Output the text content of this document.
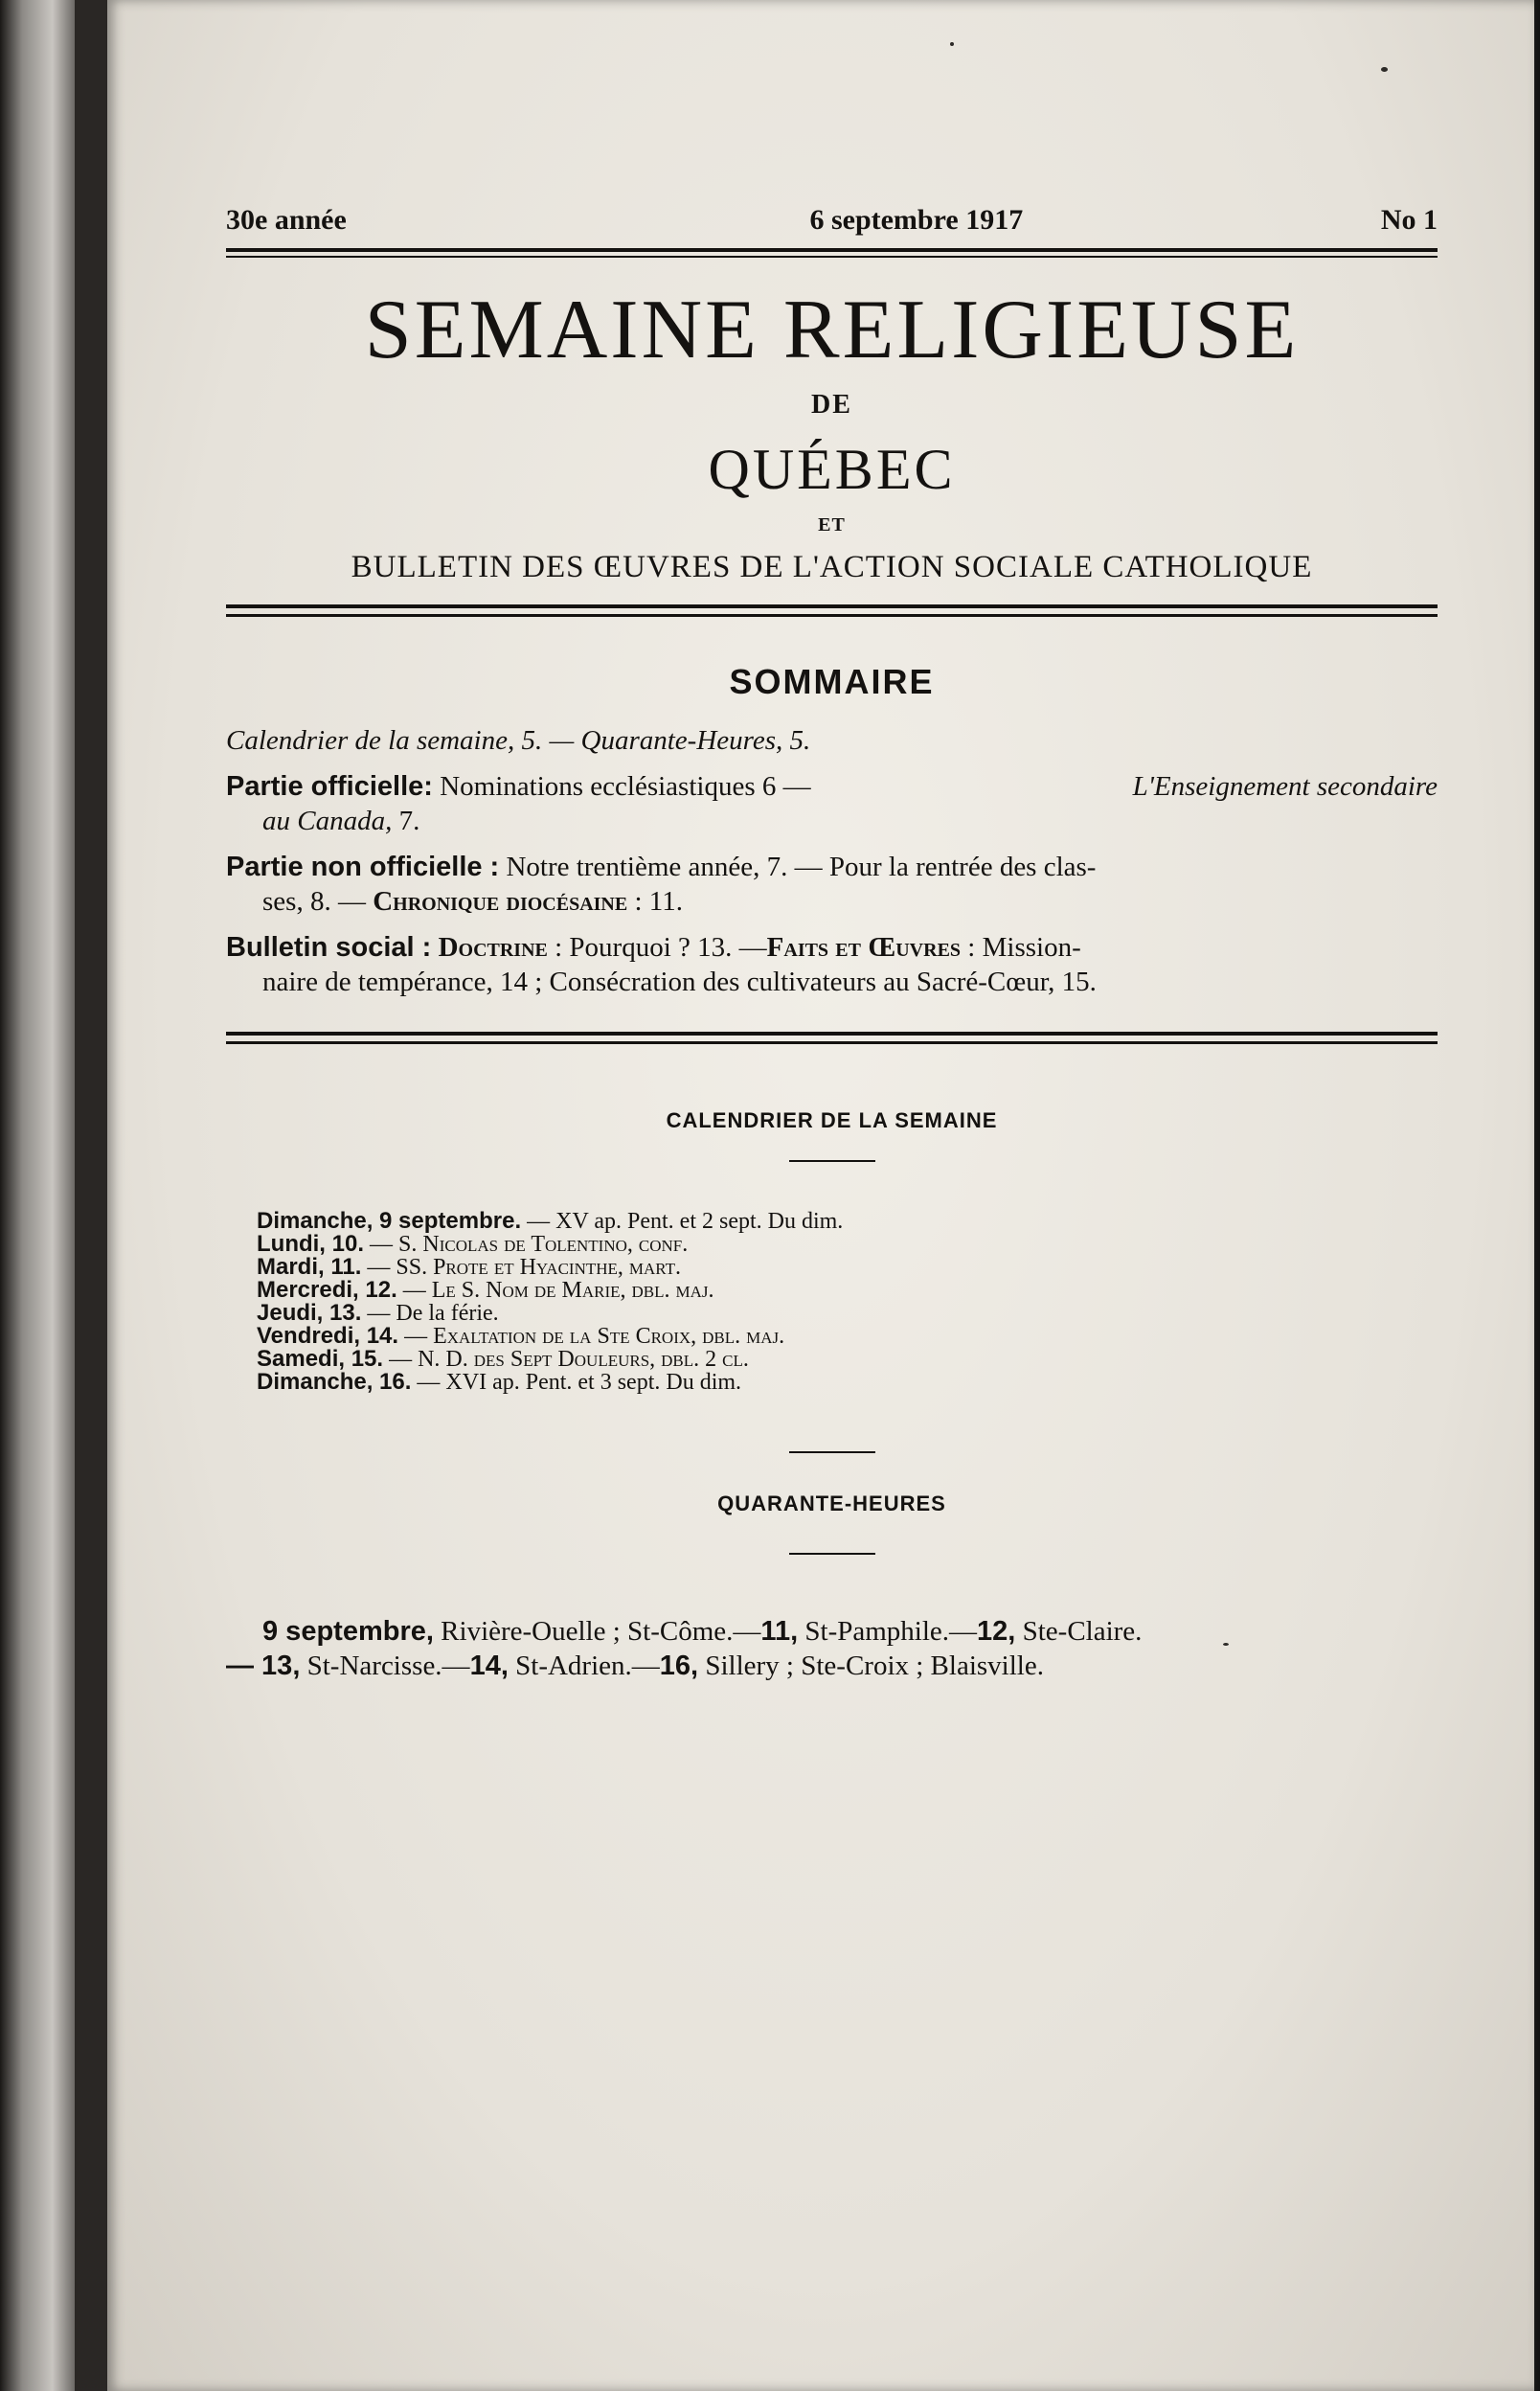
30e année	6 septembre 1917	No 1
SEMAINE RELIGIEUSE
DE
QUÉBEC
ET
BULLETIN DES ŒUVRES DE L'ACTION SOCIALE CATHOLIQUE
SOMMAIRE
Calendrier de la semaine, 5. — Quarante-Heures, 5.
Partie officielle: Nominations ecclésiastiques 6 —	L'Enseignement secondaire
au Canada, 7.
Partie non officielle : Notre trentième année, 7. — Pour la rentrée des clas-
ses, 8. — Chronique diocésaine : 11.
Bulletin social : Doctrine : Pourquoi ? 13. —Faits et Œuvres : Mission-
naire de tempérance, 14 ; Consécration des cultivateurs au Sacré-Cœur, 15.
CALENDRIER DE LA SEMAINE
Dimanche, 9 septembre. — XV ap. Pent. et 2 sept. Du dim.
Lundi, 10. — S. Nicolas de Tolentino, conf.
Mardi, 11. — SS. Prote et Hyacinthe, mart.
Mercredi, 12. — Le S. Nom de Marie, dbl. maj.
Jeudi, 13. — De la férie.
Vendredi, 14. — Exaltation de la Ste Croix, dbl. maj.
Samedi, 15. — N. D. des Sept Douleurs, dbl. 2 cl.
Dimanche, 16. — XVI ap. Pent. et 3 sept. Du dim.
QUARANTE-HEURES
9 septembre, Rivière-Ouelle ; St-Côme.—11, St-Pamphile.—12, Ste-Claire.
— 13, St-Narcisse.—14, St-Adrien.—16, Sillery ; Ste-Croix ; Blaisville.
